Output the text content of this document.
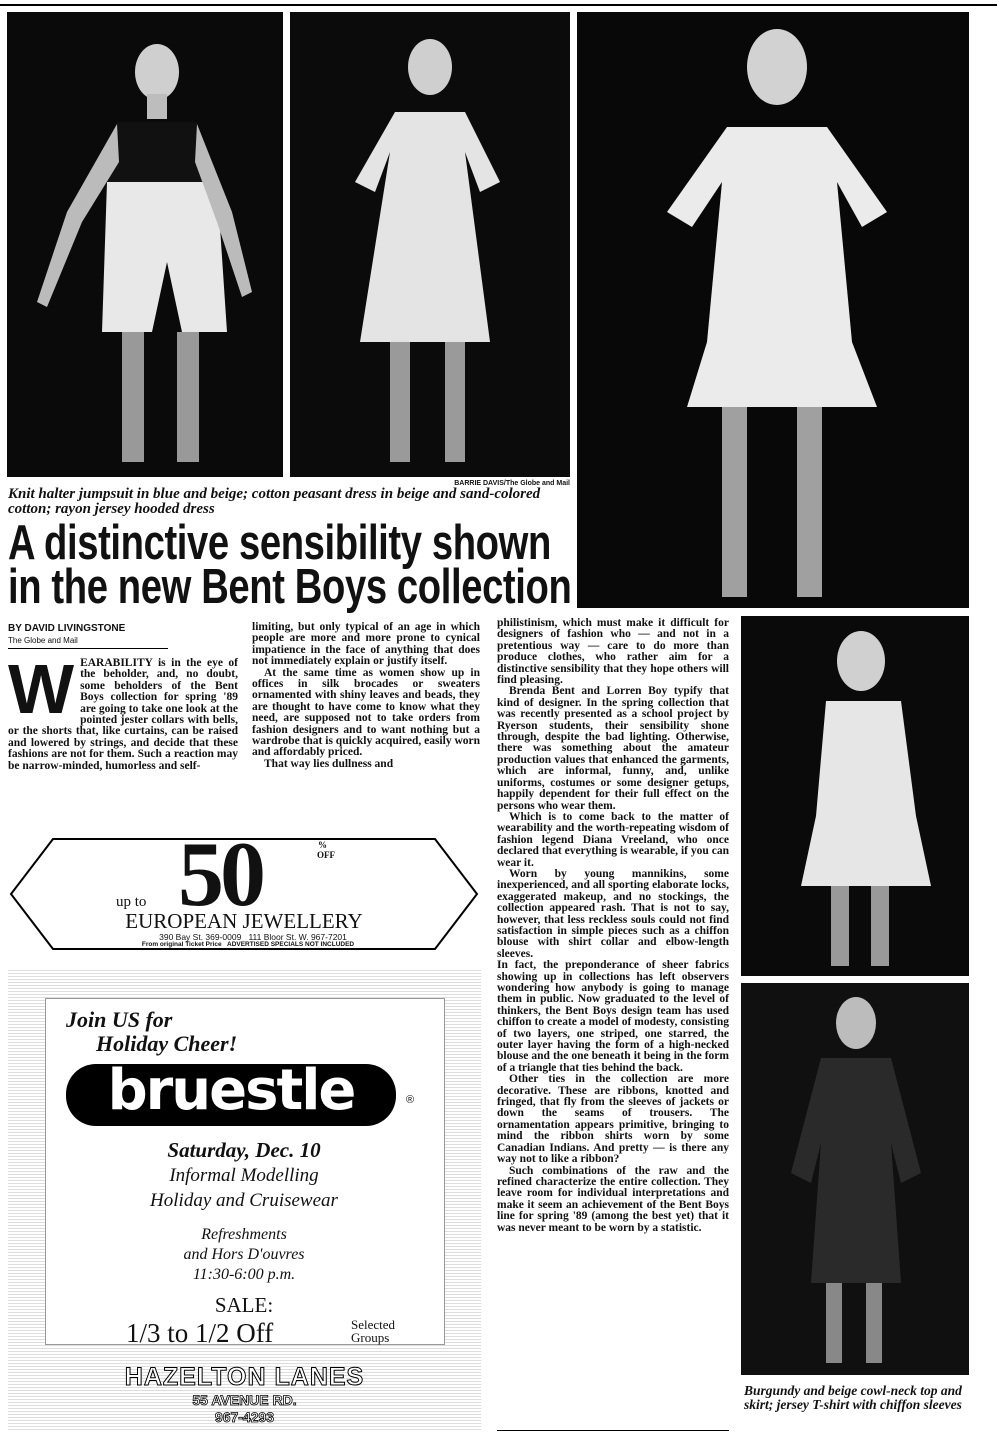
BARRIE DAVIS/The Globe and Mail
Knit halter jumpsuit in blue and beige; cotton peasant dress in beige and sand-colored cotton; rayon jersey hooded dress
A distinctive sensibility shown
in the new Bent Boys collection
BY DAVID LIVINGSTONE
The Globe and Mail
W EARABILITY is in the eye of the beholder, and, no doubt, some beholders of the Bent Boys collection for spring '89 are going to take one look at the pointed jester collars with bells, or the shorts that, like curtains, can be raised and lowered by strings, and decide that these fashions are not for them. Such a reaction may be narrow-minded, humorless and self-

limiting, but only typical of an age in which people are more and more prone to cynical impatience in the face of anything that does not immediately explain or justify itself.

At the same time as women show up in offices in silk brocades or sweaters ornamented with shiny leaves and beads, they are thought to have come to know what they need, are supposed not to take orders from fashion designers and to want nothing but a wardrobe that is quickly acquired, easily worn and affordably priced.

That way lies dullness and

philistinism, which must make it difficult for designers of fashion who — and not in a pretentious way — care to do more than produce clothes, who rather aim for a distinctive sensibility that they hope others will find pleasing.

Brenda Bent and Lorren Boy typify that kind of designer. In the spring collection that was recently presented as a school project by Ryerson students, their sensibility shone through, despite the bad lighting. Otherwise, there was something about the amateur production values that enhanced the garments, which are informal, funny, and, unlike uniforms, costumes or some designer getups, happily dependent for their full effect on the persons who wear them.

Which is to come back to the matter of wearability and the worth-repeating wisdom of fashion legend Diana Vreeland, who once declared that everything is wearable, if you can wear it.

Worn by young mannikins, some inexperienced, and all sporting elaborate locks, exaggerated makeup, and no stockings, the collection appeared rash. That is not to say, however, that less reckless souls could not find satisfaction in simple pieces such as a chiffon blouse with shirt collar and elbow-length sleeves.

In fact, the preponderance of sheer fabrics showing up in collections has left observers wondering how anybody is going to manage them in public. Now graduated to the level of thinkers, the Bent Boys design team has used chiffon to create a model of modesty, consisting of two layers, one striped, one starred, the outer layer having the form of a high-necked blouse and the one beneath it being in the form of a triangle that ties behind the back.

Other ties in the collection are more decorative. These are ribbons, knotted and fringed, that fly from the sleeves of jackets or down the seams of trousers. The ornamentation appears primitive, bringing to mind the ribbon shirts worn by some Canadian Indians. And pretty — is there any way not to like a ribbon?

Such combinations of the raw and the refined characterize the entire collection. They leave room for individual interpretations and make it seem an achievement of the Bent Boys line for spring '89 (among the best yet) that it was never meant to be worn by a statistic.

Burgundy and beige cowl-neck top and skirt; jersey T-shirt with chiffon sleeves
up to 50	%
OFF
EUROPEAN JEWELLERY
390 Bay St. 369-0009 111 Bloor St. W. 967-7201
From original Ticket Price ADVERTISED SPECIALS NOT INCLUDED
Join US for
Holiday Cheer!
bruestle	®
Saturday, Dec. 10
Informal Modelling
Holiday and Cruisewear
Refreshments
and Hors D'ouvres
11:30-6:00 p.m.
SALE:
1/3 to 1/2 Off	Selected
Groups
HAZELTON LANES
55 AVENUE RD.
967-4293
